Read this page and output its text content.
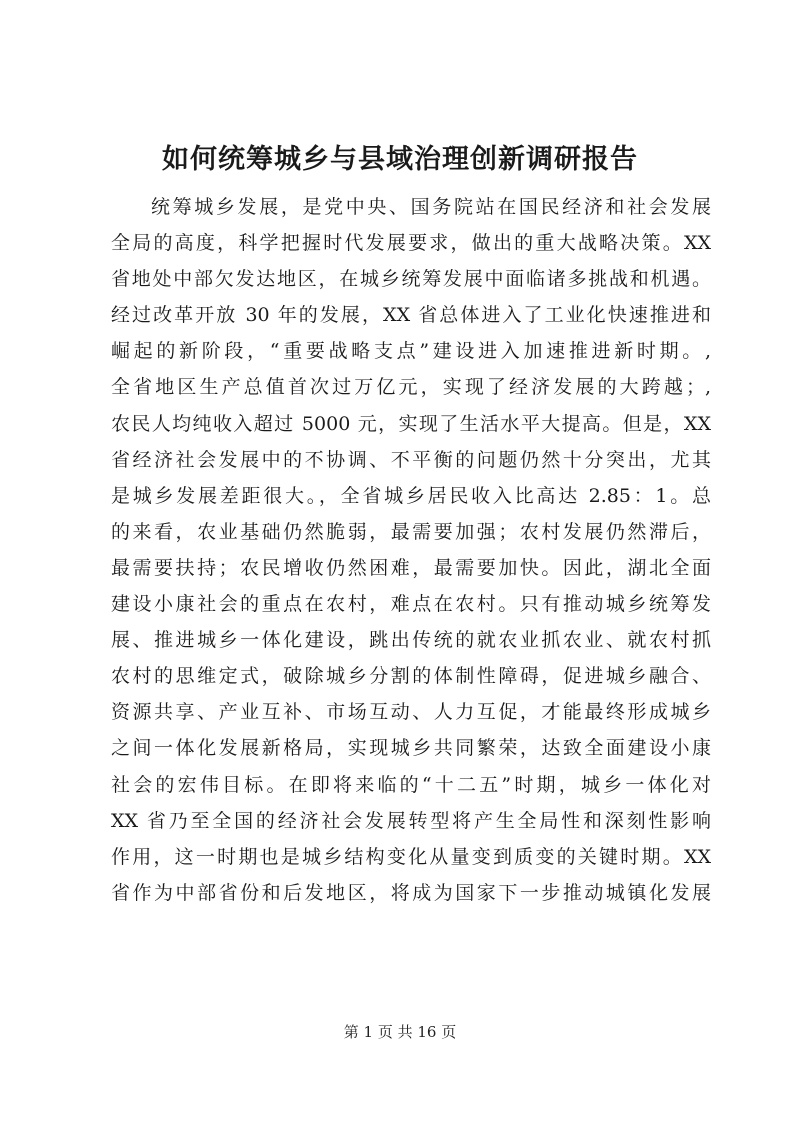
如何统筹城乡与县域治理创新调研报告
统筹城乡发展，是党中央、国务院站在国民经济和社会发展
全局的高度，科学把握时代发展要求，做出的重大战略决策。XX
省地处中部欠发达地区，在城乡统筹发展中面临诸多挑战和机遇。
经过改革开放 30 年的发展，XX 省总体进入了工业化快速推进和
崛起的新阶段，“重要战略支点”建设进入加速推进新时期。,
全省地区生产总值首次过万亿元，实现了经济发展的大跨越；,
农民人均纯收入超过 5000 元，实现了生活水平大提高。但是，XX
省经济社会发展中的不协调、不平衡的问题仍然十分突出，尤其
是城乡发展差距很大。，全省城乡居民收入比高达 2.85：1。总
的来看，农业基础仍然脆弱，最需要加强；农村发展仍然滞后，
最需要扶持；农民增收仍然困难，最需要加快。因此，湖北全面
建设小康社会的重点在农村，难点在农村。只有推动城乡统筹发
展、推进城乡一体化建设，跳出传统的就农业抓农业、就农村抓
农村的思维定式，破除城乡分割的体制性障碍，促进城乡融合、
资源共享、产业互补、市场互动、人力互促，才能最终形成城乡
之间一体化发展新格局，实现城乡共同繁荣，达致全面建设小康
社会的宏伟目标。在即将来临的“十二五”时期，城乡一体化对
XX 省乃至全国的经济社会发展转型将产生全局性和深刻性影响
作用，这一时期也是城乡结构变化从量变到质变的关键时期。XX
省作为中部省份和后发地区，将成为国家下一步推动城镇化发展
第 1 页 共 16 页
